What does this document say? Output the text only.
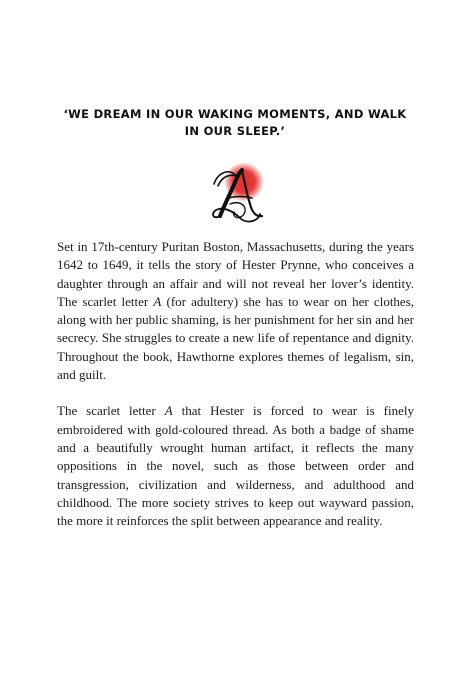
‘WE DREAM IN OUR WAKING MOMENTS, AND WALK IN OUR SLEEP.’

Set in 17th-century Puritan Boston, Massachusetts, during the years 1642 to 1649, it tells the story of Hester Prynne, who conceives a daughter through an affair and will not reveal her lover’s identity. The scarlet letter A (for adultery) she has to wear on her clothes, along with her public shaming, is her punishment for her sin and her secrecy. She struggles to create a new life of repentance and dignity. Throughout the book, Hawthorne explores themes of legalism, sin, and guilt.

The scarlet letter A that Hester is forced to wear is finely embroidered with gold-coloured thread. As both a badge of shame and a beautifully wrought human artifact, it reflects the many oppositions in the novel, such as those between order and transgression, civilization and wilderness, and adulthood and childhood. The more society strives to keep out wayward passion, the more it reinforces the split between appearance and reality.
